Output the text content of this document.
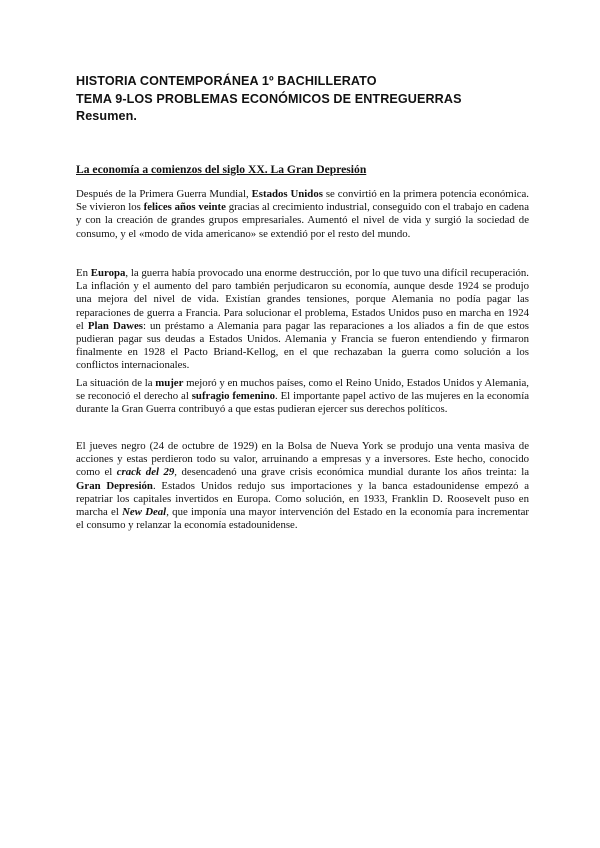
HISTORIA CONTEMPORÁNEA 1º BACHILLERATO
TEMA 9-LOS PROBLEMAS ECONÓMICOS DE ENTREGUERRAS
Resumen.
La economía a comienzos del siglo XX. La Gran Depresión
Después de la Primera Guerra Mundial, Estados Unidos se convirtió en la primera potencia económica. Se vivieron los felices años veinte gracias al crecimiento industrial, conseguido con el trabajo en cadena y con la creación de grandes grupos empresariales. Aumentó el nivel de vida y surgió la sociedad de consumo, y el «modo de vida americano» se extendió por el resto del mundo.
En Europa, la guerra había provocado una enorme destrucción, por lo que tuvo una difícil recuperación. La inflación y el aumento del paro también perjudicaron su economía, aunque desde 1924 se produjo una mejora del nivel de vida. Existían grandes tensiones, porque Alemania no podía pagar las reparaciones de guerra a Francia. Para solucionar el problema, Estados Unidos puso en marcha en 1924 el Plan Dawes: un préstamo a Alemania para pagar las reparaciones a los aliados a fin de que estos pudieran pagar sus deudas a Estados Unidos. Alemania y Francia se fueron entendiendo y firmaron finalmente en 1928 el Pacto Briand-Kellog, en el que rechazaban la guerra como solución a los conflictos internacionales.
La situación de la mujer mejoró y en muchos países, como el Reino Unido, Estados Unidos y Alemania, se reconoció el derecho al sufragio femenino. El importante papel activo de las mujeres en la economía durante la Gran Guerra contribuyó a que estas pudieran ejercer sus derechos políticos.
El jueves negro (24 de octubre de 1929) en la Bolsa de Nueva York se produjo una venta masiva de acciones y estas perdieron todo su valor, arruinando a empresas y a inversores. Este hecho, conocido como el crack del 29, desencadenó una grave crisis económica mundial durante los años treinta: la Gran Depresión. Estados Unidos redujo sus importaciones y la banca estadounidense empezó a repatriar los capitales invertidos en Europa. Como solución, en 1933, Franklin D. Roosevelt puso en marcha el New Deal, que imponía una mayor intervención del Estado en la economía para incrementar el consumo y relanzar la economía estadounidense.
